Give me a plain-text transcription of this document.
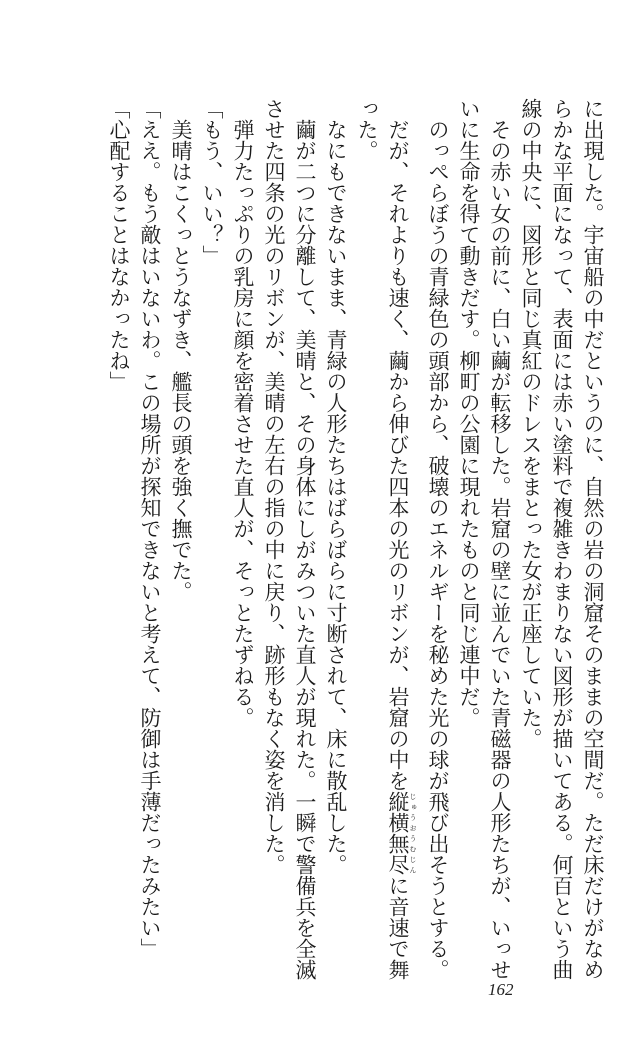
に出現した。宇宙船の中だというのに、自然の岩の洞窟そのままの空間だ。ただ床だけがなめ
らかな平面になって、表面には赤い塗料で複雑きわまりない図形が描いてある。何百という曲
線の中央に、図形と同じ真紅のドレスをまとった女が正座していた。
　その赤い女の前に、白い繭が転移した。岩窟の壁に並んでいた青磁器の人形たちが、いっせ
いに生命を得て動きだす。柳町の公園に現れたものと同じ連中だ。
　のっぺらぼうの青緑色の頭部から、破壊のエネルギーを秘めた光の球が飛び出そうとする。
　だが、それよりも速く、繭から伸びた四本の光のリボンが、岩窟の中を縦横無尽 じゅうおうむじんに音速で舞
った。
　なにもできないまま、青緑の人形たちはばらばらに寸断されて、床に散乱した。
　繭が二つに分離して、美晴と、その身体にしがみついた直人が現れた。一瞬で警備兵を全滅
させた四条の光のリボンが、美晴の左右の指の中に戻り、跡形もなく姿を消した。
　弾力たっぷりの乳房に顔を密着させた直人が、そっとたずねる。
「もう、いい？」
　美晴はこくっとうなずき、艦長の頭を強く撫でた。
「ええ。もう敵はいないわ。この場所が探知できないと考えて、防御は手薄だったみたい」
「心配することはなかったね」
162
